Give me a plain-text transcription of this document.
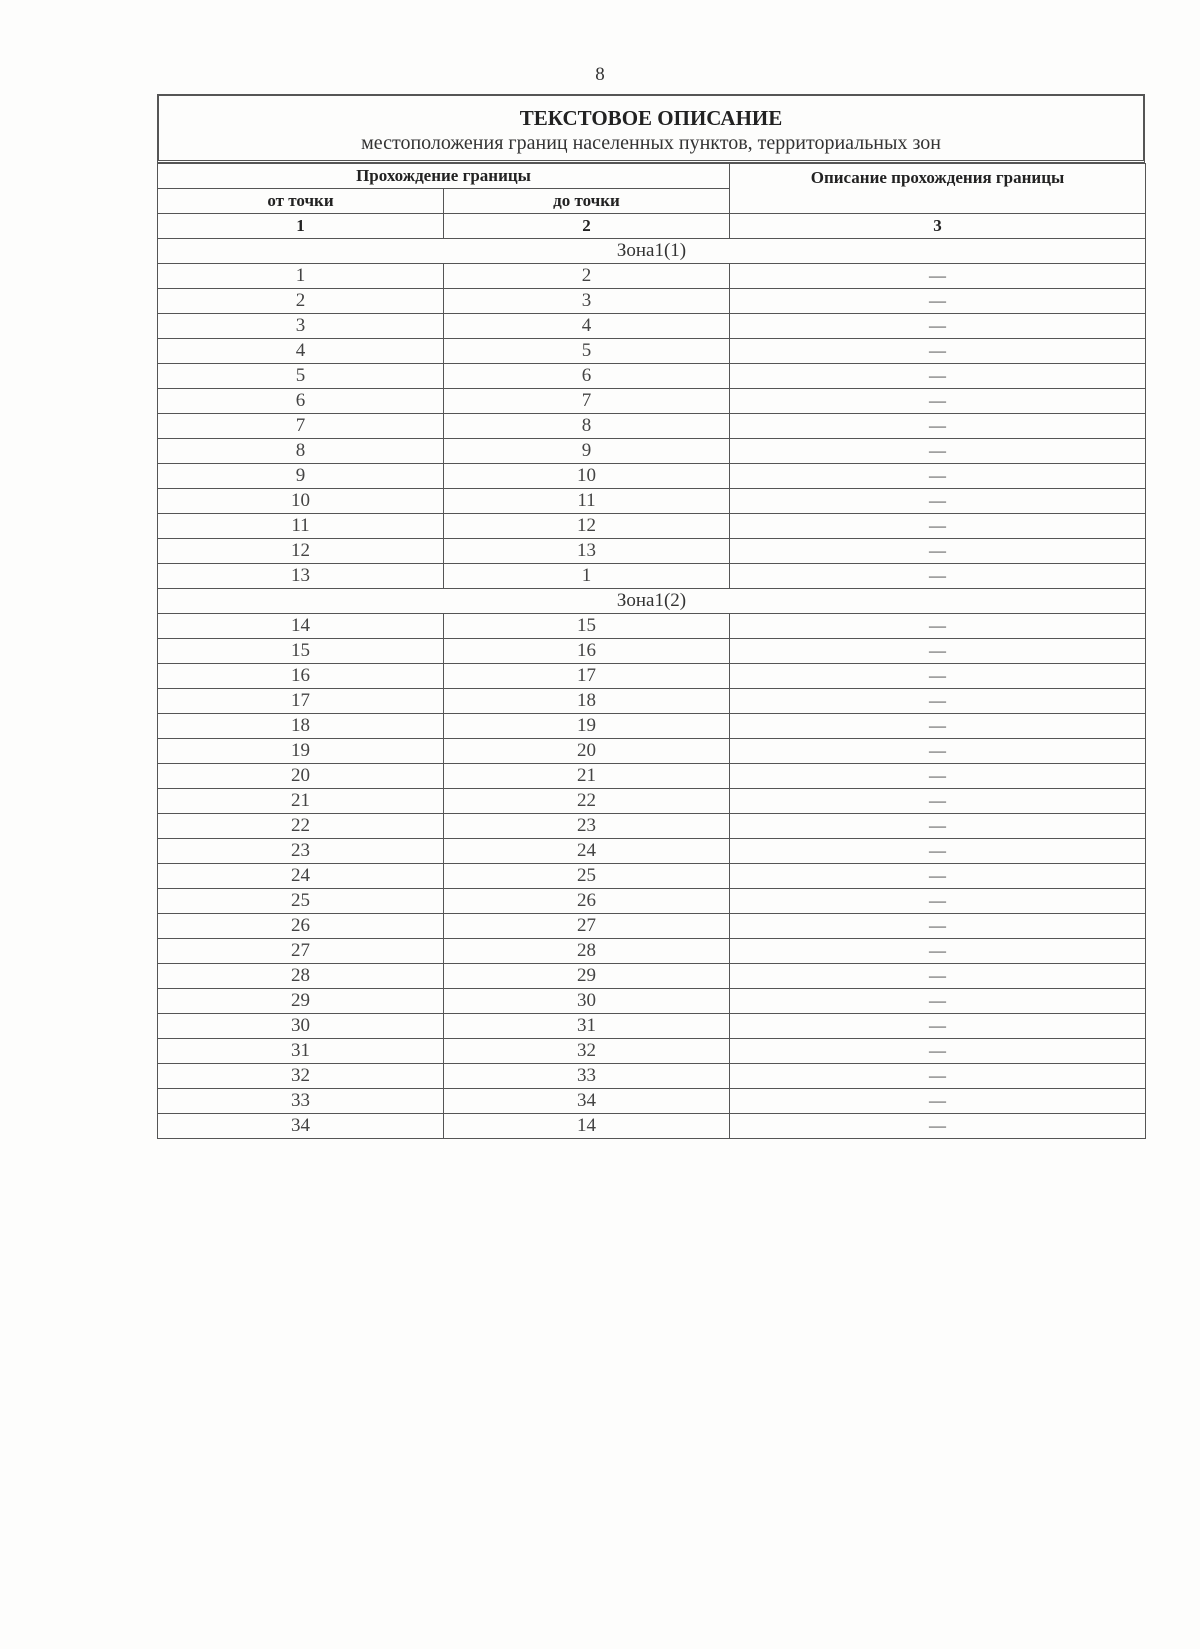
8
ТЕКСТОВОЕ ОПИСАНИЕ
местоположения границ населенных пунктов, территориальных зон
Прохождение границы		Описание прохождения границы
от точки	до точки	
1	2	3
Зона1(1)		
1	2	—
2	3	—
3	4	—
4	5	—
5	6	—
6	7	—
7	8	—
8	9	—
9	10	—
10	11	—
11	12	—
12	13	—
13	1	—
Зона1(2)		
14	15	—
15	16	—
16	17	—
17	18	—
18	19	—
19	20	—
20	21	—
21	22	—
22	23	—
23	24	—
24	25	—
25	26	—
26	27	—
27	28	—
28	29	—
29	30	—
30	31	—
31	32	—
32	33	—
33	34	—
34	14	—
